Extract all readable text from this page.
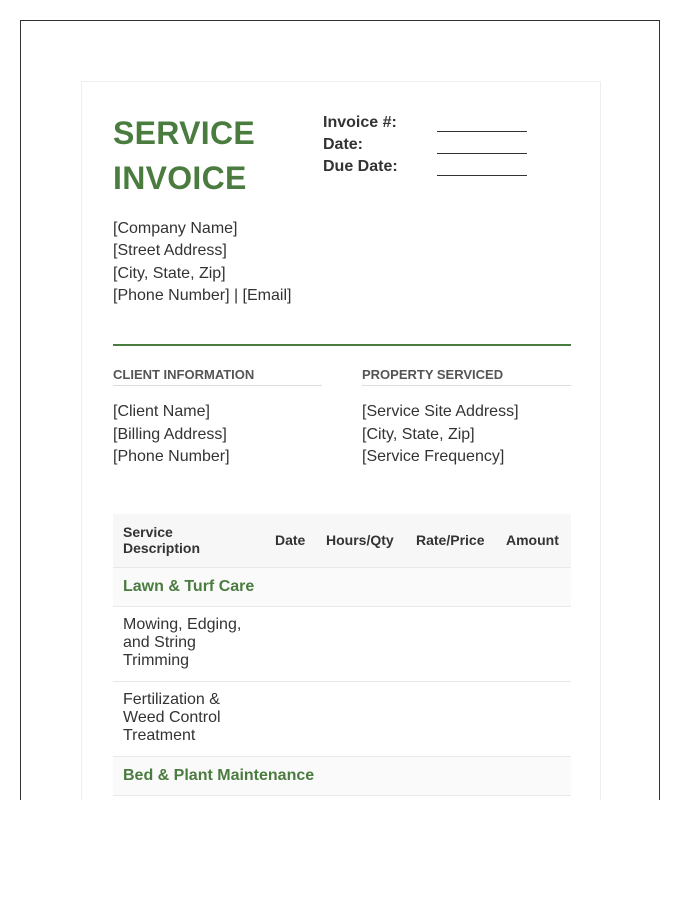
SERVICE
INVOICE
Invoice #:
Date:
Due Date:
[Company Name]
[Street Address]
[City, State, Zip]
[Phone Number] | [Email]
CLIENT INFORMATION	PROPERTY SERVICED
[Client Name]
[Billing Address]
[Phone Number]
[Service Site Address]
[City, State, Zip]
[Service Frequency]
Service Description	Date Hours/Qty Rate/Price Amount
Lawn & Turf Care
Mowing, Edging, and String Trimming
Fertilization & Weed Control Treatment
Bed & Plant Maintenance
